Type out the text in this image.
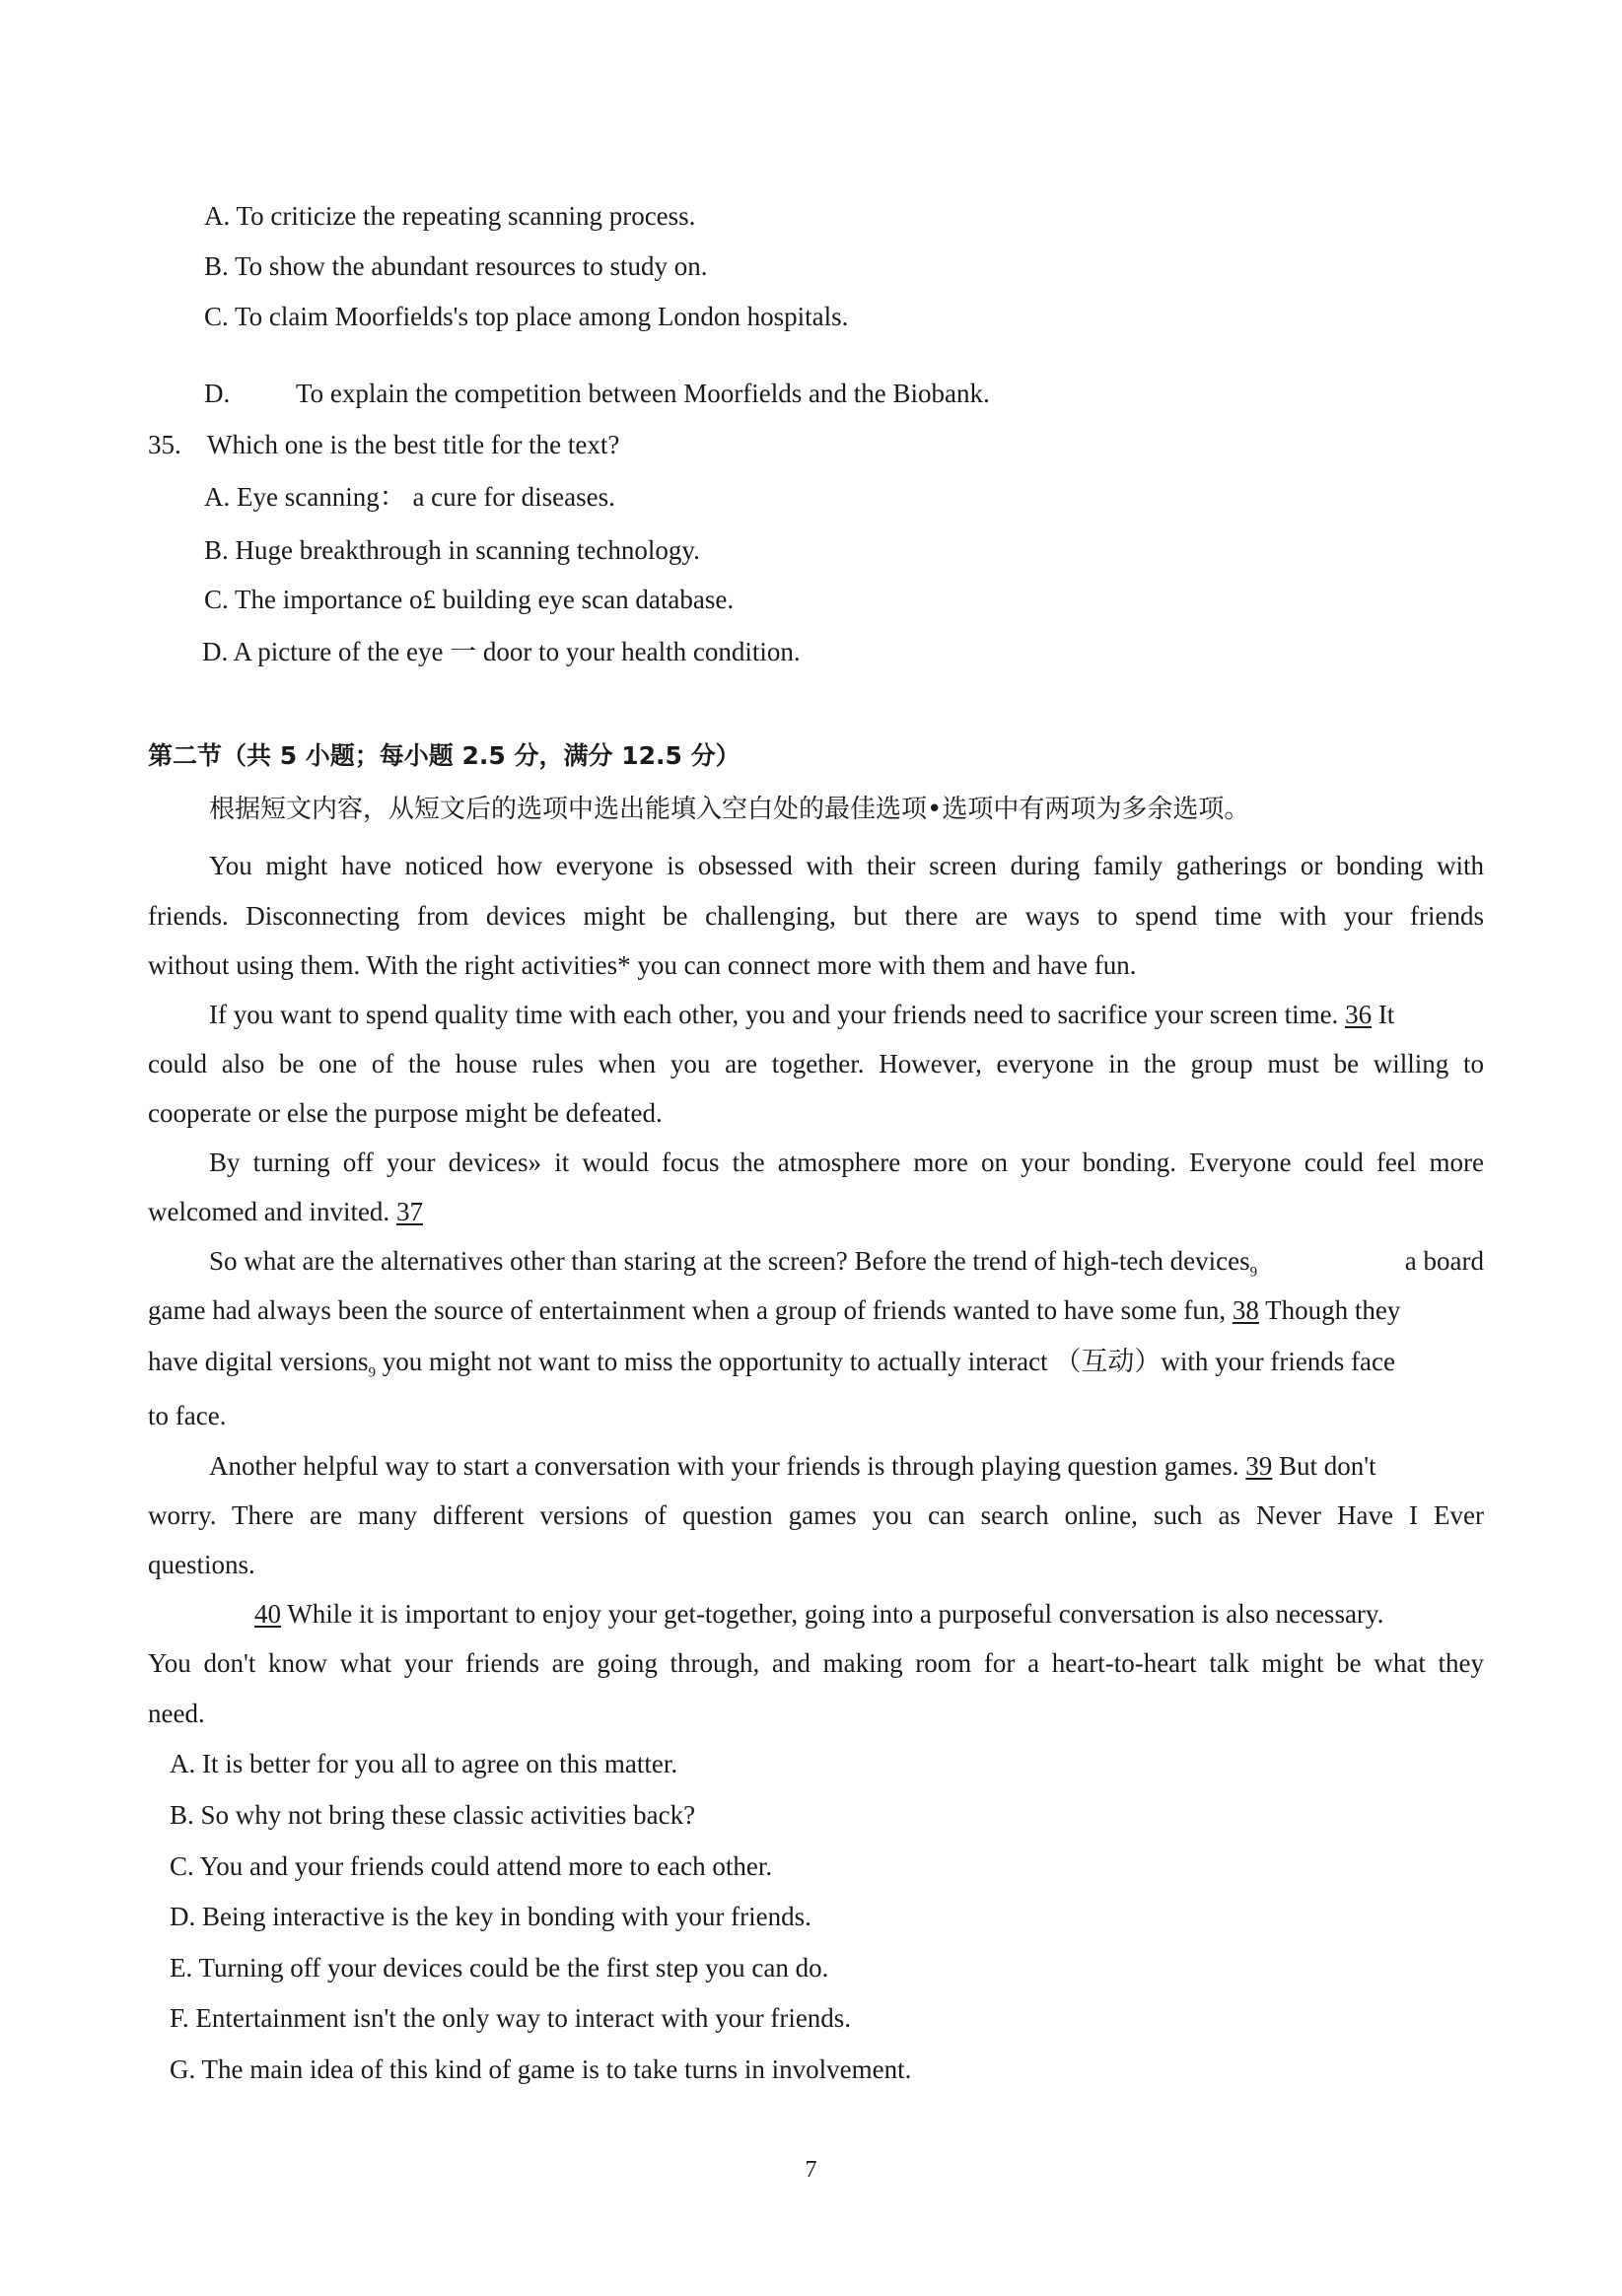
A. To criticize the repeating scanning process.

B. To show the abundant resources to study on.

C. To claim Moorfields's top place among London hospitals.

D. To explain the competition between Moorfields and the Biobank.

35. Which one is the best title for the text?

A. Eye scanning： a cure for diseases.

B. Huge breakthrough in scanning technology.

C. The importance o£ building eye scan database.

D. A picture of the eye 一 door to your health condition.

第二节（共 5 小题；每小题 2.5 分，满分 12.5 分）

根据短文内容，从短文后的选项中选出能填入空白处的最佳选项•选项中有两项为多余选项。

You might have noticed how everyone is obsessed with their screen during family gatherings or bonding with

friends. Disconnecting from devices might be challenging, but there are ways to spend time with your friends

without using them. With the right activities* you can connect more with them and have fun.

If you want to spend quality time with each other, you and your friends need to sacrifice your screen time. 36 It

could also be one of the house rules when you are together. However, everyone in the group must be willing to

cooperate or else the purpose might be defeated.

By turning off your devices» it would focus the atmosphere more on your bonding. Everyone could feel more

welcomed and invited. 37

So what are the alternatives other than staring at the screen? Before the trend of high-tech devices$_9$	a board

game had always been the source of entertainment when a group of friends wanted to have some fun, 38 Though they

have digital versions$_9$ you might not want to miss the opportunity to actually interact （互动）with your friends face

to face.

Another helpful way to start a conversation with your friends is through playing question games. 39 But don't

worry. There are many different versions of question games you can search online, such as Never Have I Ever

questions.

40 While it is important to enjoy your get-together, going into a purposeful conversation is also necessary.

You don't know what your friends are going through, and making room for a heart-to-heart talk might be what they

need.

A. It is better for you all to agree on this matter.

B. So why not bring these classic activities back?

C. You and your friends could attend more to each other.

D. Being interactive is the key in bonding with your friends.

E. Turning off your devices could be the first step you can do.

F. Entertainment isn't the only way to interact with your friends.

G. The main idea of this kind of game is to take turns in involvement.

7
